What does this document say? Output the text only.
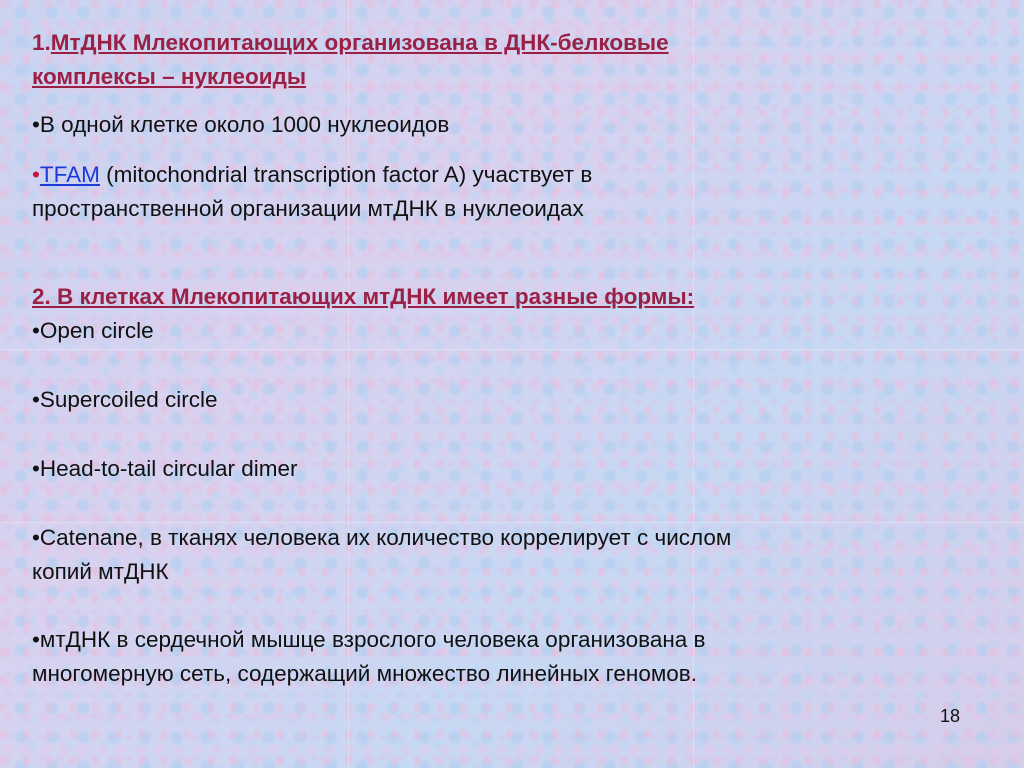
1.МтДНК Млекопитающих организована в ДНК-белковые
комплексы – нуклеоиды
•В одной клетке около 1000 нуклеоидов
•TFAM (mitochondrial transcription factor A) участвует в
пространственной организации мтДНК в нуклеоидах
2. В клетках Млекопитающих мтДНК имеет разные формы:
•Open circle
•Supercoiled circle
•Head-to-tail circular dimer
•Catenane, в тканях человека их количество коррелирует с числом
копий мтДНК
•мтДНК в сердечной мышце взрослого человека организована в
многомерную сеть, содержащий множество линейных геномов.
18
